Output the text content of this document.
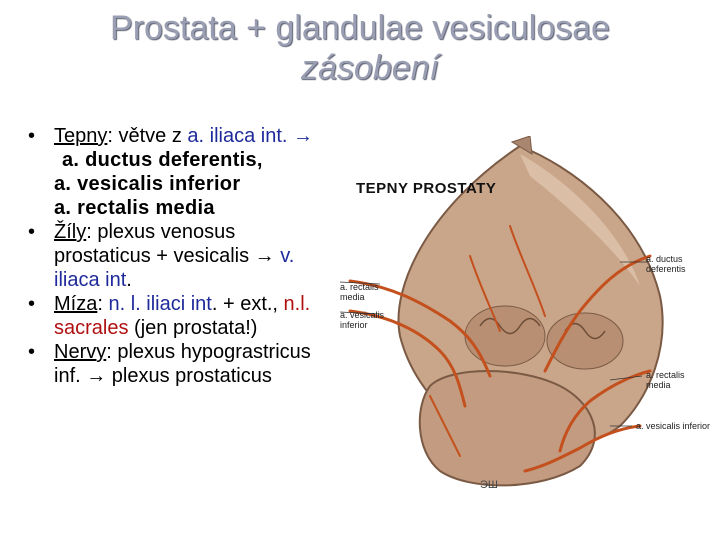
Prostata + glandulae vesiculosae
zásobení
• Tepny: větve z a. iliaca int. →
a. ductus deferentis,
a. vesicalis inferior
a. rectalis media
• Žíly: plexus venosus prostaticus + vesicalis → v. iliaca int.
• Míza: n. l. iliaci int. + ext., n.l. sacrales (jen prostata!)
• Nervy: plexus hypograstricus inf. → plexus prostaticus
TEPNY PROSTATY
a. ductus deferentis
a. rectalis media
a. vesicalis inferior
a. rectalis media
a. vesicalis inferior
ЭШ
